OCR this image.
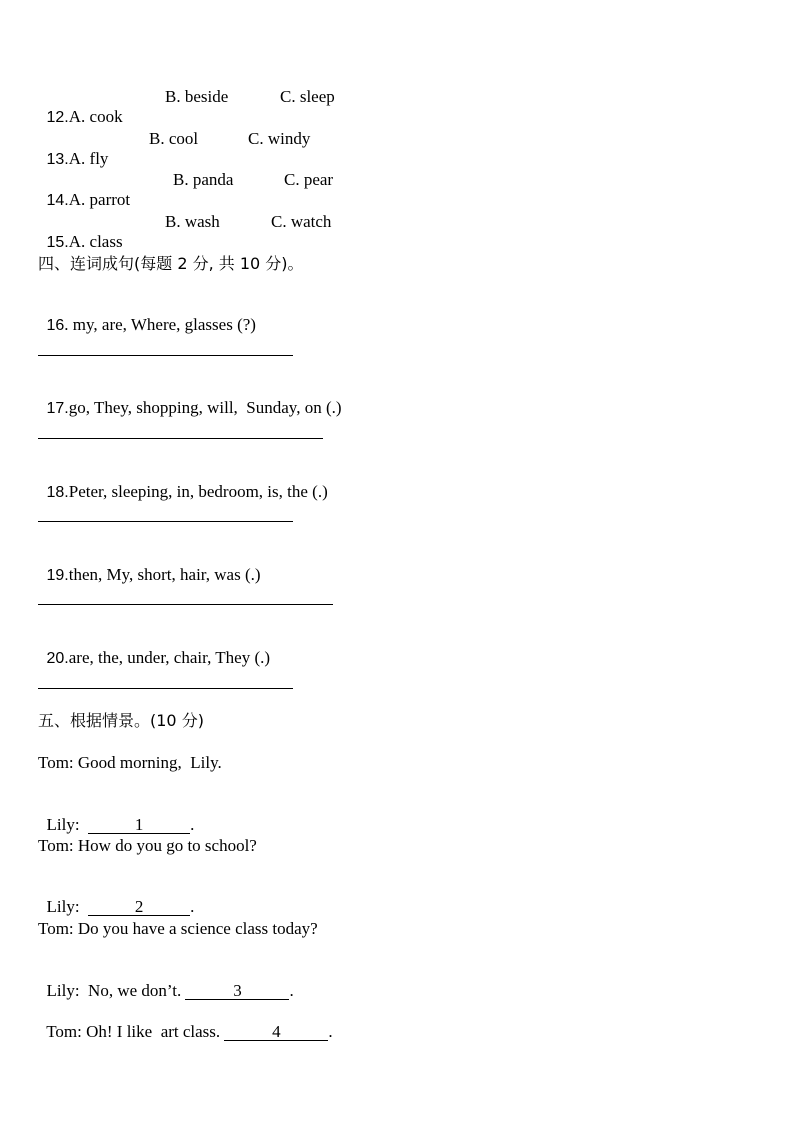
12.A. cook

B. beside	C. sleep

13.A. fly

B. cool	C. windy

14.A. parrot

B. panda	C. pear

15.A. class

B. wash	C. watch
四、连词成句(每题 2 分, 共 10 分)。

16. my, are, Where, glasses (?)

17.go, They, shopping, will,  Sunday, on (.)

18.Peter, sleeping, in, bedroom, is, the (.)

19.then, My, short, hair, was (.)

20.are, the, under, chair, They (.)

五、根据情景。(10 分)
Tom: Good morning,  Lily.

Lily:	1	.

Tom: How do you go to school?

Lily:	2	.

Tom: Do you have a science class today?

Lily:  No, we don’t.	3	.

Tom: Oh! I like  art class.	4	.
